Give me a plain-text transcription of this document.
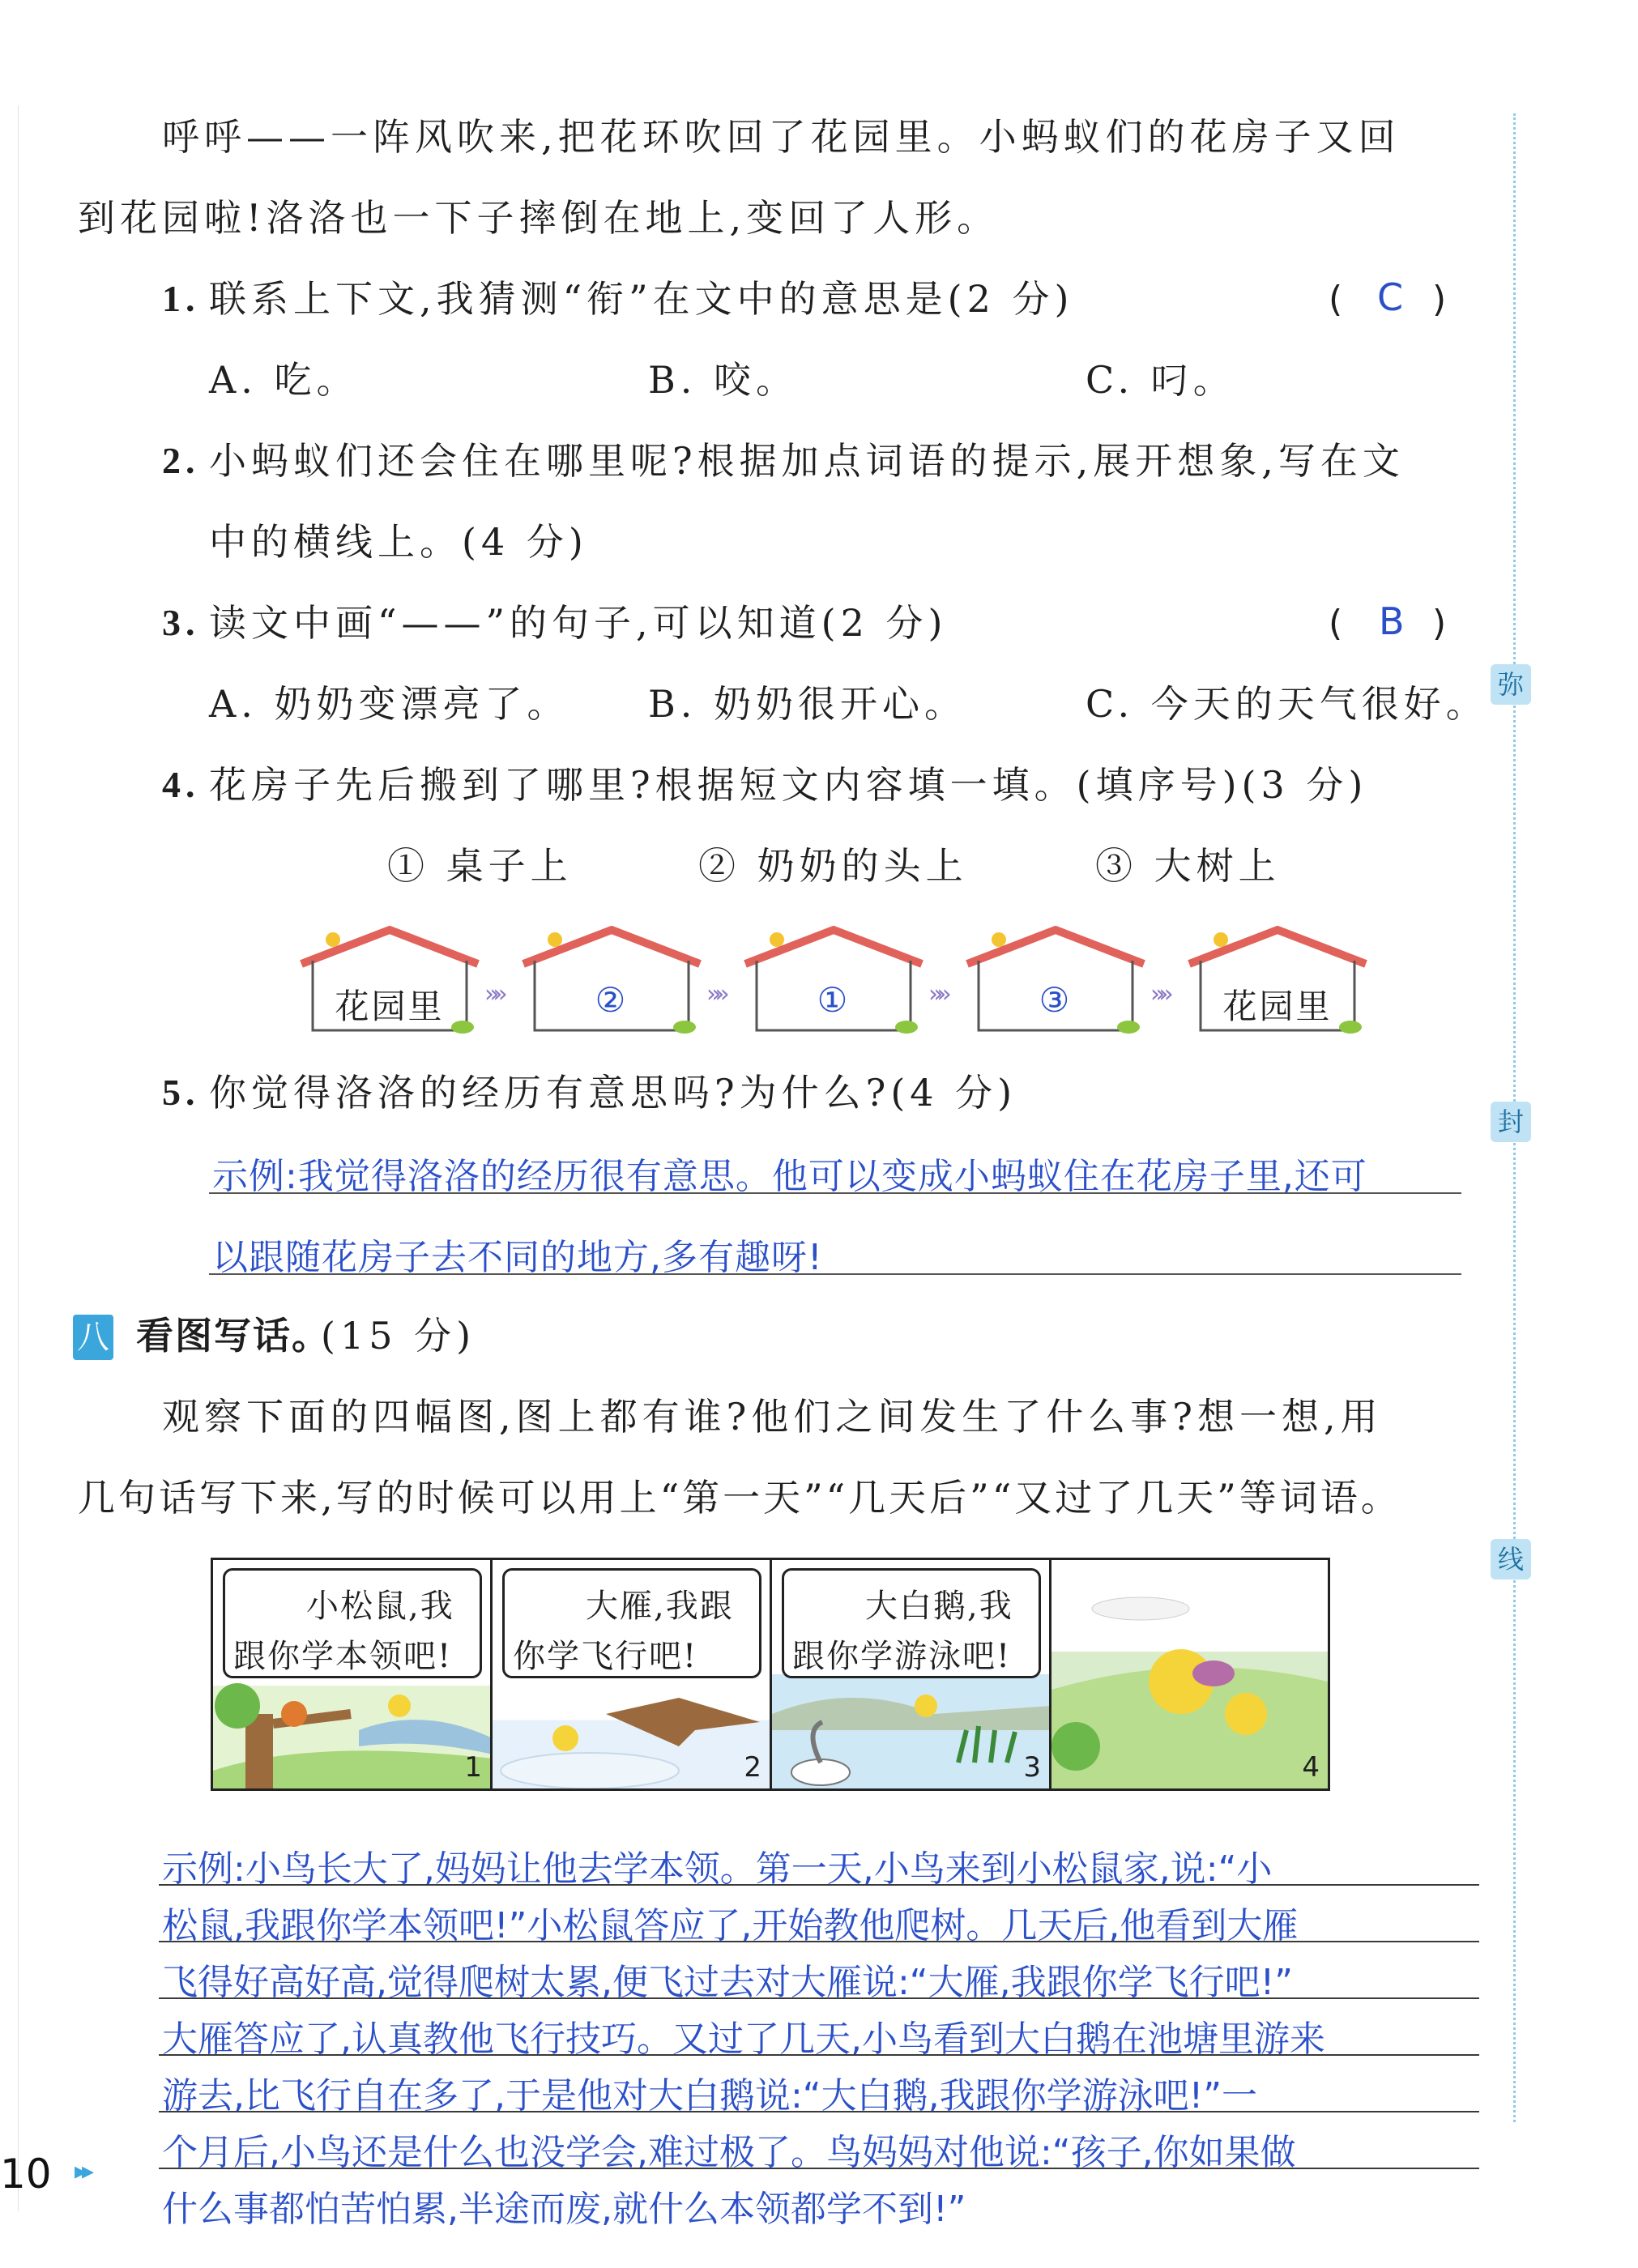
弥
封
线
呼呼——一阵风吹来,把花环吹回了花园里。小蚂蚁们的花房子又回
到花园啦!洛洛也一下子摔倒在地上,变回了人形。
1. 联系上下文,我猜测“衔”在文中的意思是(2 分)	( C )
A. 吃。	B. 咬。	C. 叼。
2. 小蚂蚁们还会住在哪里呢?根据加点词语的提示,展开想象,写在文
中的横线上。(4 分)
3. 读文中画“——”的句子,可以知道(2 分)	( B )
A. 奶奶变漂亮了。 B. 奶奶很开心。	C. 今天的天气很好。
4. 花房子先后搬到了哪里?根据短文内容填一填。(填序号)(3 分)
① 桌子上	② 奶奶的头上	③ 大树上
花园里	»»	②	»»	①	»»	③	»»	花园里
5. 你觉得洛洛的经历有意思吗?为什么?(4 分)
示例:我觉得洛洛的经历很有意思。他可以变成小蚂蚁住在花房子里,还可
以跟随花房子去不同的地方,多有趣呀!
八 看图写话。
(15 分)
观察下面的四幅图,图上都有谁?他们之间发生了什么事?想一想,用
几句话写下来,写的时候可以用上“第一天”“几天后”“又过了几天”等词语。
小松鼠,我
跟你学本领吧!
1
大雁,我跟
你学飞行吧!
2
大白鹅,我
跟你学游泳吧!
3	4
示例:小鸟长大了,妈妈让他去学本领。第一天,小鸟来到小松鼠家,说:“小
松鼠,我跟你学本领吧!”小松鼠答应了,开始教他爬树。几天后,他看到大雁
飞得好高好高,觉得爬树太累,便飞过去对大雁说:“大雁,我跟你学飞行吧!”
大雁答应了,认真教他飞行技巧。又过了几天,小鸟看到大白鹅在池塘里游来
游去,比飞行自在多了,于是他对大白鹅说:“大白鹅,我跟你学游泳吧!”一
个月后,小鸟还是什么也没学会,难过极了。鸟妈妈对他说:“孩子,你如果做
什么事都怕苦怕累,半途而废,就什么本领都学不到!”
10 ▸▸
